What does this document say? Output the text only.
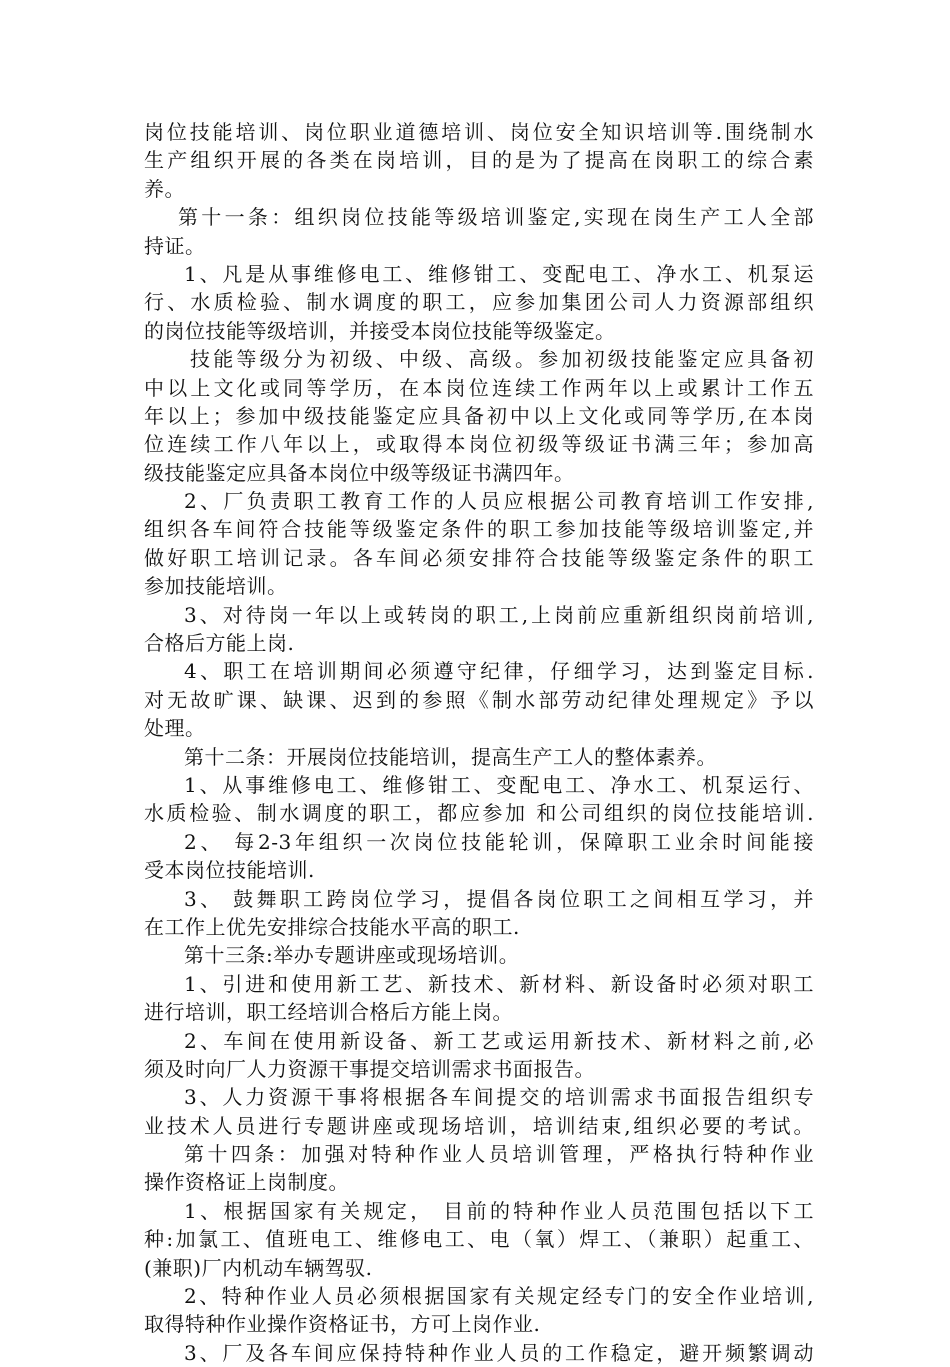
岗位技能培训、岗位职业道德培训、岗位安全知识培训等.围绕制水
生产组织开展的各类在岗培训，目的是为了提高在岗职工的综合素
养。
第十一条：组织岗位技能等级培训鉴定,实现在岗生产工人全部
持证。
1、凡是从事维修电工、维修钳工、变配电工、净水工、机泵运
行、水质检验、制水调度的职工，应参加集团公司人力资源部组织
的岗位技能等级培训，并接受本岗位技能等级鉴定。
技能等级分为初级、中级、高级。参加初级技能鉴定应具备初
中以上文化或同等学历，在本岗位连续工作两年以上或累计工作五
年以上；参加中级技能鉴定应具备初中以上文化或同等学历,在本岗
位连续工作八年以上，或取得本岗位初级等级证书满三年；参加高
级技能鉴定应具备本岗位中级等级证书满四年。
2、厂负责职工教育工作的人员应根据公司教育培训工作安排,
组织各车间符合技能等级鉴定条件的职工参加技能等级培训鉴定,并
做好职工培训记录。各车间必须安排符合技能等级鉴定条件的职工
参加技能培训。
3、对待岗一年以上或转岗的职工,上岗前应重新组织岗前培训,
合格后方能上岗.
4、职工在培训期间必须遵守纪律，仔细学习，达到鉴定目标.
对无故旷课、缺课、迟到的参照《制水部劳动纪律处理规定》予以
处理。
第十二条：开展岗位技能培训，提高生产工人的整体素养。
1、从事维修电工、维修钳工、变配电工、净水工、机泵运行、
水质检验、制水调度的职工，都应参加 和公司组织的岗位技能培训.
2、 每2-3年组织一次岗位技能轮训，保障职工业余时间能接
受本岗位技能培训.
3、 鼓舞职工跨岗位学习，提倡各岗位职工之间相互学习，并
在工作上优先安排综合技能水平高的职工.
第十三条:举办专题讲座或现场培训。
1、引进和使用新工艺、新技术、新材料、新设备时必须对职工
进行培训，职工经培训合格后方能上岗。
2、车间在使用新设备、新工艺或运用新技术、新材料之前,必
须及时向厂人力资源干事提交培训需求书面报告。
3、人力资源干事将根据各车间提交的培训需求书面报告组织专
业技术人员进行专题讲座或现场培训，培训结束,组织必要的考试。
第十四条：加强对特种作业人员培训管理，严格执行特种作业
操作资格证上岗制度。
1、根据国家有关规定， 目前的特种作业人员范围包括以下工
种:加氯工、值班电工、维修电工、电（氧）焊工、（兼职）起重工、
(兼职)厂内机动车辆驾驭.
2、特种作业人员必须根据国家有关规定经专门的安全作业培训,
取得特种作业操作资格证书，方可上岗作业.
3、厂及各车间应保持特种作业人员的工作稳定，避开频繁调动
